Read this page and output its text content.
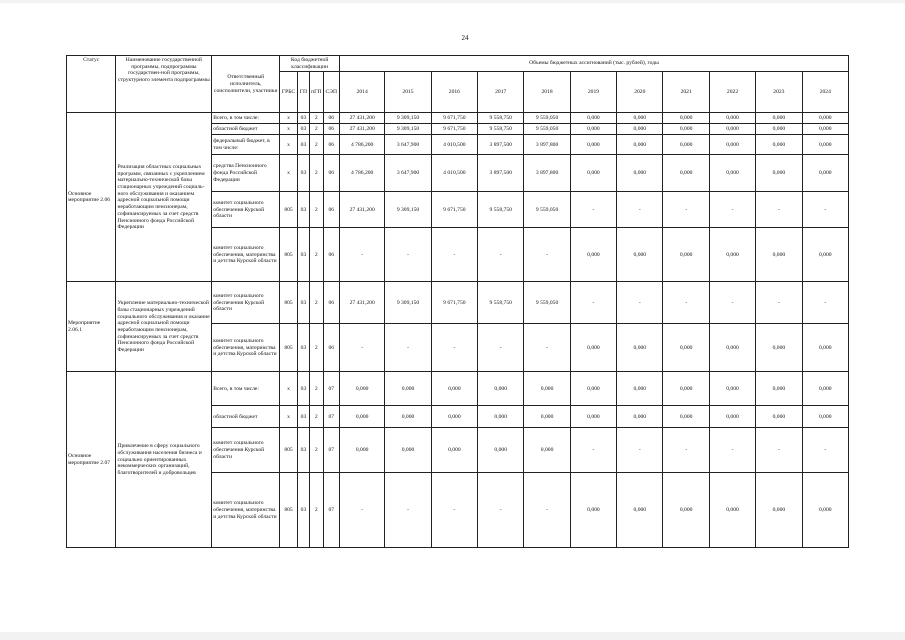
24
Статус	Наименование государственной программы, подпрограммы государствен-ной программы, структурного элемента подпрограммы	Ответственный исполнитель, соисполнители, участники	Код бюджетной классификации				Объемы бюджетных ассигнований (тыс. рублей), годы										
			ГРБС	ГП	пГП	СЭП	2014	2015	2016	2017	2018	2019	2020	2021	2022	2023	2024
Основное мероприятие 2.06	Реализация областных социальных программ, связанных с укреплением материально-технической базы стационарных учреждений социаль-ного обслуживания и оказанием адресной социальной помощи неработающим пенсионерам, софинансируемых за счет средств Пенсионного фонда Российской Федерации	Всего, в том числе:	х	03	2	06	27 431,200	9 309,150	9 671,750	9 558,750	9 559,050	0,000	0,000	0,000	0,000	0,000	0,000
		областной бюджет	х	03	2	06	27 431,200	9 309,150	9 671,750	9 558,750	9 559,050	0,000	0,000	0,000	0,000	0,000	0,000
		федеральный бюджет, в том числе:	х	03	2	06	4 786,200	3 647,900	4 010,500	3 897,500	3 897,800	0,000	0,000	0,000	0,000	0,000	0,000
		средства Пенсионного фонда Российской Федерации	х	03	2	06	4 786,200	3 647,900	4 010,500	3 897,500	3 897,800	0,000	0,000	0,000	0,000	0,000	0,000
		комитет социального обеспечения Курской области	805	03	2	06	27 431,200	9 309,150	9 671,750	9 558,750	9 559,050	-	-	-	-	-	-
		комитет социального обеспечения, материнства и детства Курской области	805	03	2	06	-	-	-	-	-	0,000	0,000	0,000	0,000	0,000	0,000
Мероприятие 2.06.1	Укрепление материально-технической базы стационарных учреждений социального обслуживания и оказание адресной социальной помощи неработающим пенсионерам, софинансируемых за счет средств Пенсионного фонда Российской Федерации	комитет социального обеспечения Курской области	805	03	2	06	27 431,200	9 309,150	9 671,750	9 558,750	9 559,050	-	-	-	-	-	-
		комитет социального обеспечения, материнства и детства Курской области	805	03	2	06	-	-	-	-	-	0,000	0,000	0,000	0,000	0,000	0,000
Основное мероприятие 2.07	Привлечение в сферу социального обслуживания населения бизнеса и социально ориентированных некоммерческих организаций, благотворителей и добровольцев	Всего, в том числе:	х	03	2	07	0,000	0,000	0,000	0,000	0,000	0,000	0,000	0,000	0,000	0,000	0,000
		областной бюджет	х	03	2	07	0,000	0,000	0,000	0,000	0,000	0,000	0,000	0,000	0,000	0,000	0,000
		комитет социального обеспечения Курской области	805	03	2	07	0,000	0,000	0,000	0,000	0,000	-	-	-	-	-	-
		комитет социального обеспечения, материнства и детства Курской области	805	03	2	07	-	-	-	-	-	0,000	0,000	0,000	0,000	0,000	0,000
